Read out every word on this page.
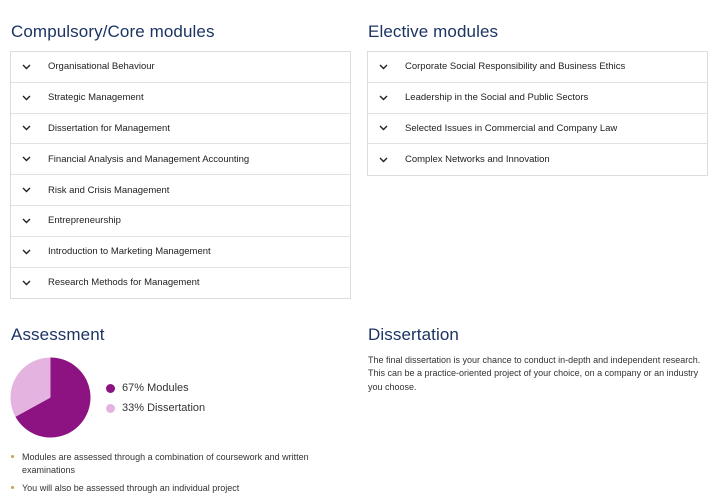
Compulsory/Core modules
Organisational Behaviour
Strategic Management
Dissertation for Management
Financial Analysis and Management Accounting
Risk and Crisis Management
Entrepreneurship
Introduction to Marketing Management
Research Methods for Management
Elective modules
Corporate Social Responsibility and Business Ethics
Leadership in the Social and Public Sectors
Selected Issues in Commercial and Company Law
Complex Networks and Innovation
Assessment
67% Modules
33% Dissertation
Modules are assessed through a combination of coursework and written examinations
You will also be assessed through an individual project
Dissertation

The final dissertation is your chance to conduct in-depth and independent research. This can be a practice-oriented project of your choice, on a company or an industry you choose.
